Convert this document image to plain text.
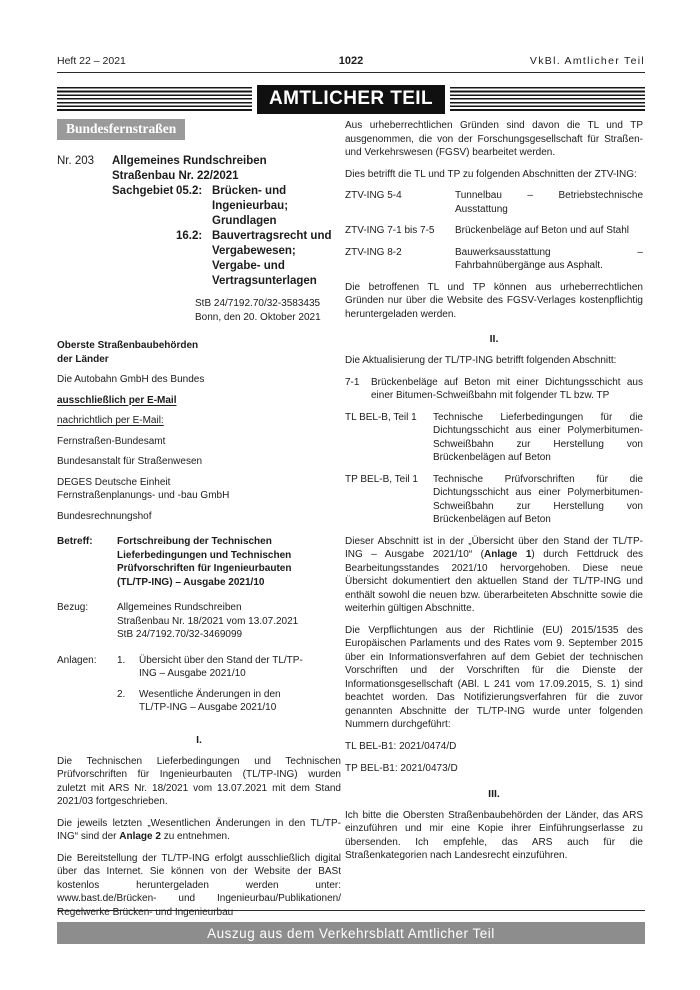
Heft 22 – 2021	1022	VkBl. Amtlicher Teil
AMTLICHER TEIL
Bundesfernstraßen
Nr. 203	Allgemeines Rundschreiben
Straßenbau Nr. 22/2021
Sachgebiet 05.2: Brücken- und Ingenieurbau; Grundlagen
16.2: Bauvertragsrecht und Vergabewesen; Vergabe- und Vertragsunterlagen
StB 24/7192.70/32-3583435
Bonn, den 20. Oktober 2021
Oberste Straßenbaubehörden
der Länder
Die Autobahn GmbH des Bundes
ausschließlich per E-Mail
nachrichtlich per E-Mail:
Fernstraßen-Bundesamt
Bundesanstalt für Straßenwesen
DEGES Deutsche Einheit
Fernstraßenplanungs- und -bau GmbH
Bundesrechnungshof
Betreff:	Fortschreibung der Technischen Lieferbedingungen und Technischen Prüfvorschriften für Ingenieurbauten (TL/TP-ING) – Ausgabe 2021/10
Bezug:	Allgemeines Rundschreiben
Straßenbau Nr. 18/2021 vom 13.07.2021
StB 24/7192.70/32-3469099
Anlagen:	1.	Übersicht über den Stand der TL/TP-ING – Ausgabe 2021/10
2.	Wesentliche Änderungen in den TL/TP-ING – Ausgabe 2021/10
I.
Die Technischen Lieferbedingungen und Technischen Prüfvorschriften für Ingenieurbauten (TL/TP-ING) wurden zuletzt mit ARS Nr. 18/2021 vom 13.07.2021 mit dem Stand 2021/03 fortgeschrieben.
Die jeweils letzten „Wesentlichen Änderungen in den TL/TP-ING“ sind der Anlage 2 zu entnehmen.
Die Bereitstellung der TL/TP-ING erfolgt ausschließlich digital über das Internet. Sie können von der Website der BASt kostenlos heruntergeladen werden unter: www.bast.de/Brücken- und Ingenieurbau/Publikationen/ Regelwerke Brücken- und Ingenieurbau
Aus urheberrechtlichen Gründen sind davon die TL und TP ausgenommen, die von der Forschungsgesellschaft für Straßen- und Verkehrswesen (FGSV) bearbeitet werden.
Dies betrifft die TL und TP zu folgenden Abschnitten der ZTV-ING:
ZTV-ING 5-4	Tunnelbau – Betriebstechnische Ausstattung
ZTV-ING 7-1 bis 7-5	Brückenbeläge auf Beton und auf Stahl
ZTV-ING 8-2	Bauwerksausstattung – Fahrbahnübergänge aus Asphalt.
Die betroffenen TL und TP können aus urheberrechtlichen Gründen nur über die Website des FGSV-Verlages kostenpflichtig heruntergeladen werden.
II.
Die Aktualisierung der TL/TP-ING betrifft folgenden Abschnitt:
7-1	Brückenbeläge auf Beton mit einer Dichtungsschicht aus einer Bitumen-Schweißbahn mit folgender TL bzw. TP
TL BEL-B, Teil 1	Technische Lieferbedingungen für die Dichtungsschicht aus einer Polymerbitumen-Schweißbahn zur Herstellung von Brückenbelägen auf Beton
TP BEL-B, Teil 1	Technische Prüfvorschriften für die Dichtungsschicht aus einer Polymerbitumen-Schweißbahn zur Herstellung von Brückenbelägen auf Beton
Dieser Abschnitt ist in der „Übersicht über den Stand der TL/TP-ING – Ausgabe 2021/10“ (Anlage 1) durch Fettdruck des Bearbeitungsstandes 2021/10 hervorgehoben. Diese neue Übersicht dokumentiert den aktuellen Stand der TL/TP-ING und enthält sowohl die neuen bzw. überarbeiteten Abschnitte sowie die weiterhin gültigen Abschnitte.
Die Verpflichtungen aus der Richtlinie (EU) 2015/1535 des Europäischen Parlaments und des Rates vom 9. September 2015 über ein Informationsverfahren auf dem Gebiet der technischen Vorschriften und der Vorschriften für die Dienste der Informationsgesellschaft (ABl. L 241 vom 17.09.2015, S. 1) sind beachtet worden. Das Notifizierungsverfahren für die zuvor genannten Abschnitte der TL/TP-ING wurde unter folgenden Nummern durchgeführt:
TL BEL-B1: 2021/0474/D
TP BEL-B1: 2021/0473/D
III.
Ich bitte die Obersten Straßenbaubehörden der Länder, das ARS einzuführen und mir eine Kopie ihrer Einführungserlasse zu übersenden. Ich empfehle, das ARS auch für die Straßenkategorien nach Landesrecht einzuführen.
Auszug aus dem Verkehrsblatt Amtlicher Teil
